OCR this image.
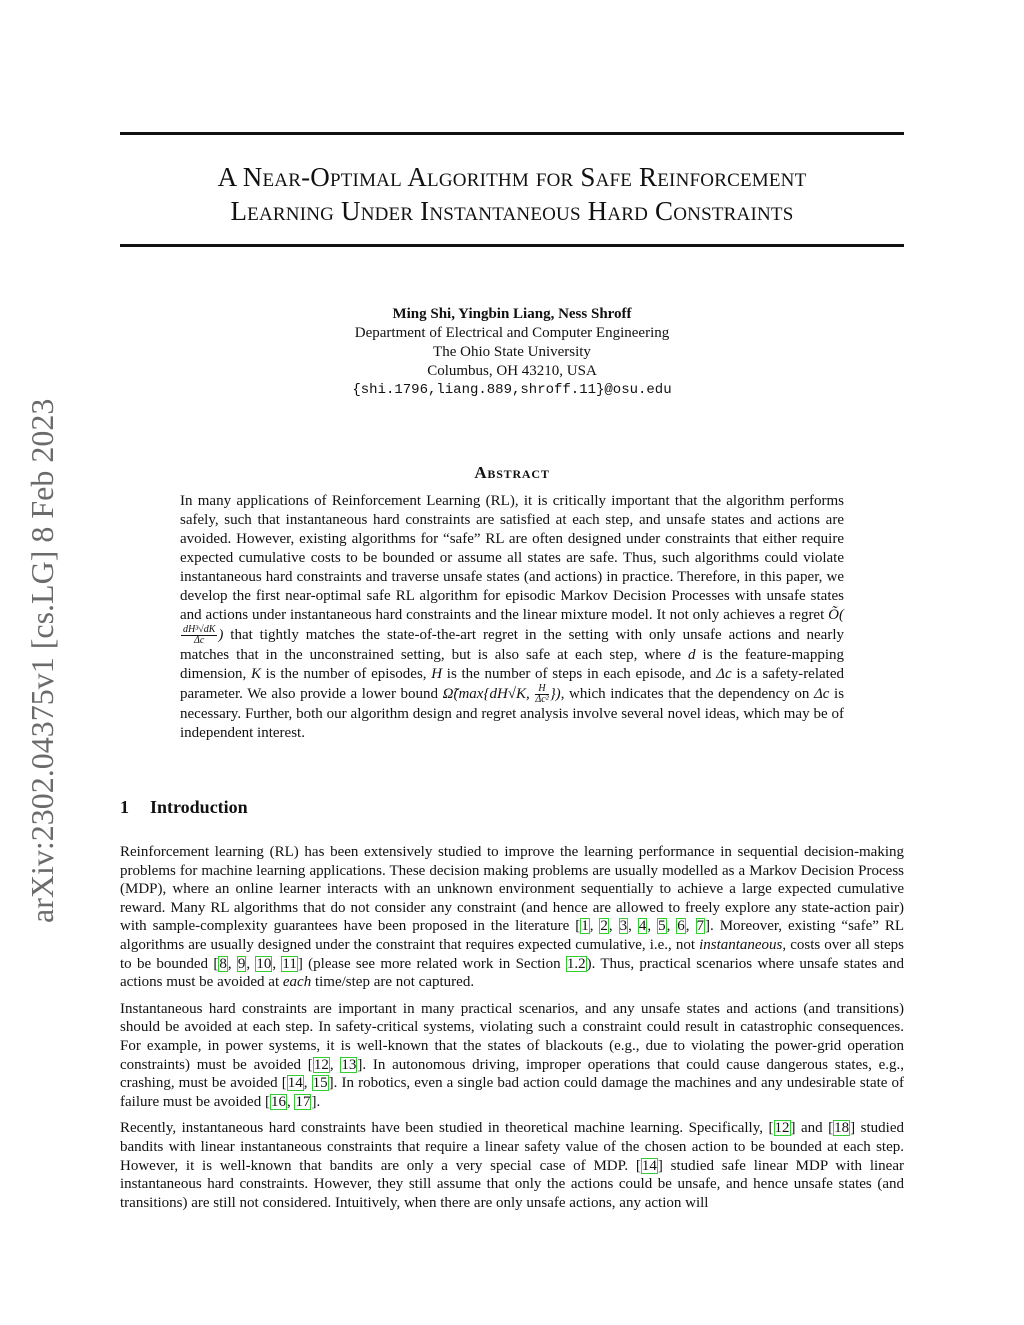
A Near-Optimal Algorithm for Safe Reinforcement
Learning Under Instantaneous Hard Constraints
arXiv:2302.04375v1 [cs.LG] 8 Feb 2023
Ming Shi, Yingbin Liang, Ness Shroff
Department of Electrical and Computer Engineering
The Ohio State University
Columbus, OH 43210, USA
{shi.1796,liang.889,shroff.11}@osu.edu
Abstract
In many applications of Reinforcement Learning (RL), it is critically important that the algorithm performs safely, such that instantaneous hard constraints are satisfied at each step, and unsafe states and actions are avoided. However, existing algorithms for “safe” RL are often designed under constraints that either require expected cumulative costs to be bounded or assume all states are safe. Thus, such algorithms could violate instantaneous hard constraints and traverse unsafe states (and actions) in practice. Therefore, in this paper, we develop the first near-optimal safe RL algorithm for episodic Markov Decision Processes with unsafe states and actions under instantaneous hard constraints and the linear mixture model. It not only achieves a regret Õ(
$\frac{\text{dH³√dK}}{\Delta c}$ ) that tightly matches the state-of-the-art regret in the setting with only unsafe actions and nearly matches that in the unconstrained setting, but is also safe at each step, where d is the feature-mapping dimension, K is the number of episodes, H is the number of steps in each episode, and Δc is a safety-related parameter. We also provide a lower bound Ω̃(max{dH√K, $\frac{H}{\text{Δc²}}$ }), which indicates that the dependency on Δc is necessary. Further, both our algorithm design and regret analysis involve several novel ideas, which may be of independent interest.
1 Introduction

Reinforcement learning (RL) has been extensively studied to improve the learning performance in sequential decision-making problems for machine learning applications. These decision making problems are usually modelled as a Markov Decision Process (MDP), where an online learner interacts with an unknown environment sequentially to achieve a large expected cumulative reward. Many RL algorithms that do not consider any constraint (and hence are allowed to freely explore any state-action pair) with sample-complexity guarantees have been proposed in the literature [1, 2, 3, 4, 5, 6, 7]. Moreover, existing “safe” RL algorithms are usually designed under the constraint that requires expected cumulative, i.e., not instantaneous, costs over all steps to be bounded [8, 9, 10, 11] (please see more related work in Section 1.2). Thus, practical scenarios where unsafe states and actions must be avoided at each time/step are not captured.

Instantaneous hard constraints are important in many practical scenarios, and any unsafe states and actions (and transitions) should be avoided at each step. In safety-critical systems, violating such a constraint could result in catastrophic consequences. For example, in power systems, it is well-known that the states of blackouts (e.g., due to violating the power-grid operation constraints) must be avoided [12, 13]. In autonomous driving, improper operations that could cause dangerous states, e.g., crashing, must be avoided [14, 15]. In robotics, even a single bad action could damage the machines and any undesirable state of failure must be avoided [16, 17].

Recently, instantaneous hard constraints have been studied in theoretical machine learning. Specifically, [12] and [18] studied bandits with linear instantaneous constraints that require a linear safety value of the chosen action to be bounded at each step. However, it is well-known that bandits are only a very special case of MDP. [14] studied safe linear MDP with linear instantaneous hard constraints. However, they still assume that only the actions could be unsafe, and hence unsafe states (and transitions) are still not considered. Intuitively, when there are only unsafe actions, any action will
